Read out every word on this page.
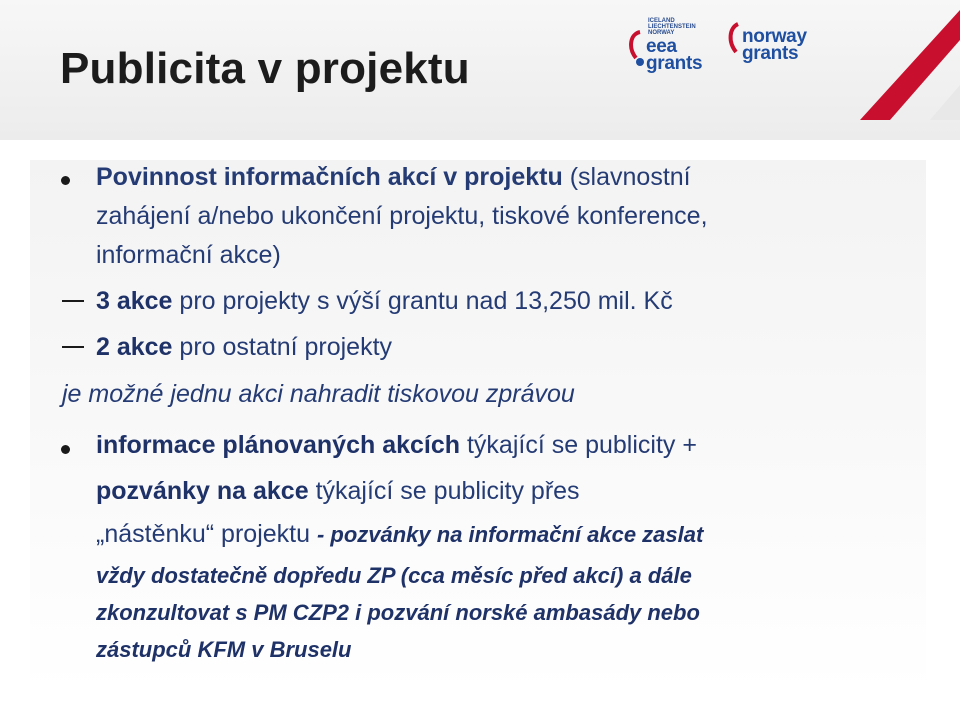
Publicita v projektu
ICELAND
LIECHTENSTEIN
NORWAY
eea
grants
norway
grants
Povinnost informačních akcí v projektu (slavnostní
zahájení a/nebo ukončení projektu, tiskové konference,
informační akce)
3 akce pro projekty s výší grantu nad 13,250 mil. Kč
2 akce pro ostatní projekty
je možné jednu akci nahradit tiskovou zprávou
informace plánovaných akcích týkající se publicity +
pozvánky na akce týkající se publicity přes
„nástěnku“ projektu - pozvánky na informační akce zaslat
vždy dostatečně dopředu ZP (cca měsíc před akcí) a dále
zkonzultovat s PM CZP2 i pozvání norské ambasády nebo
zástupců KFM v Bruselu
